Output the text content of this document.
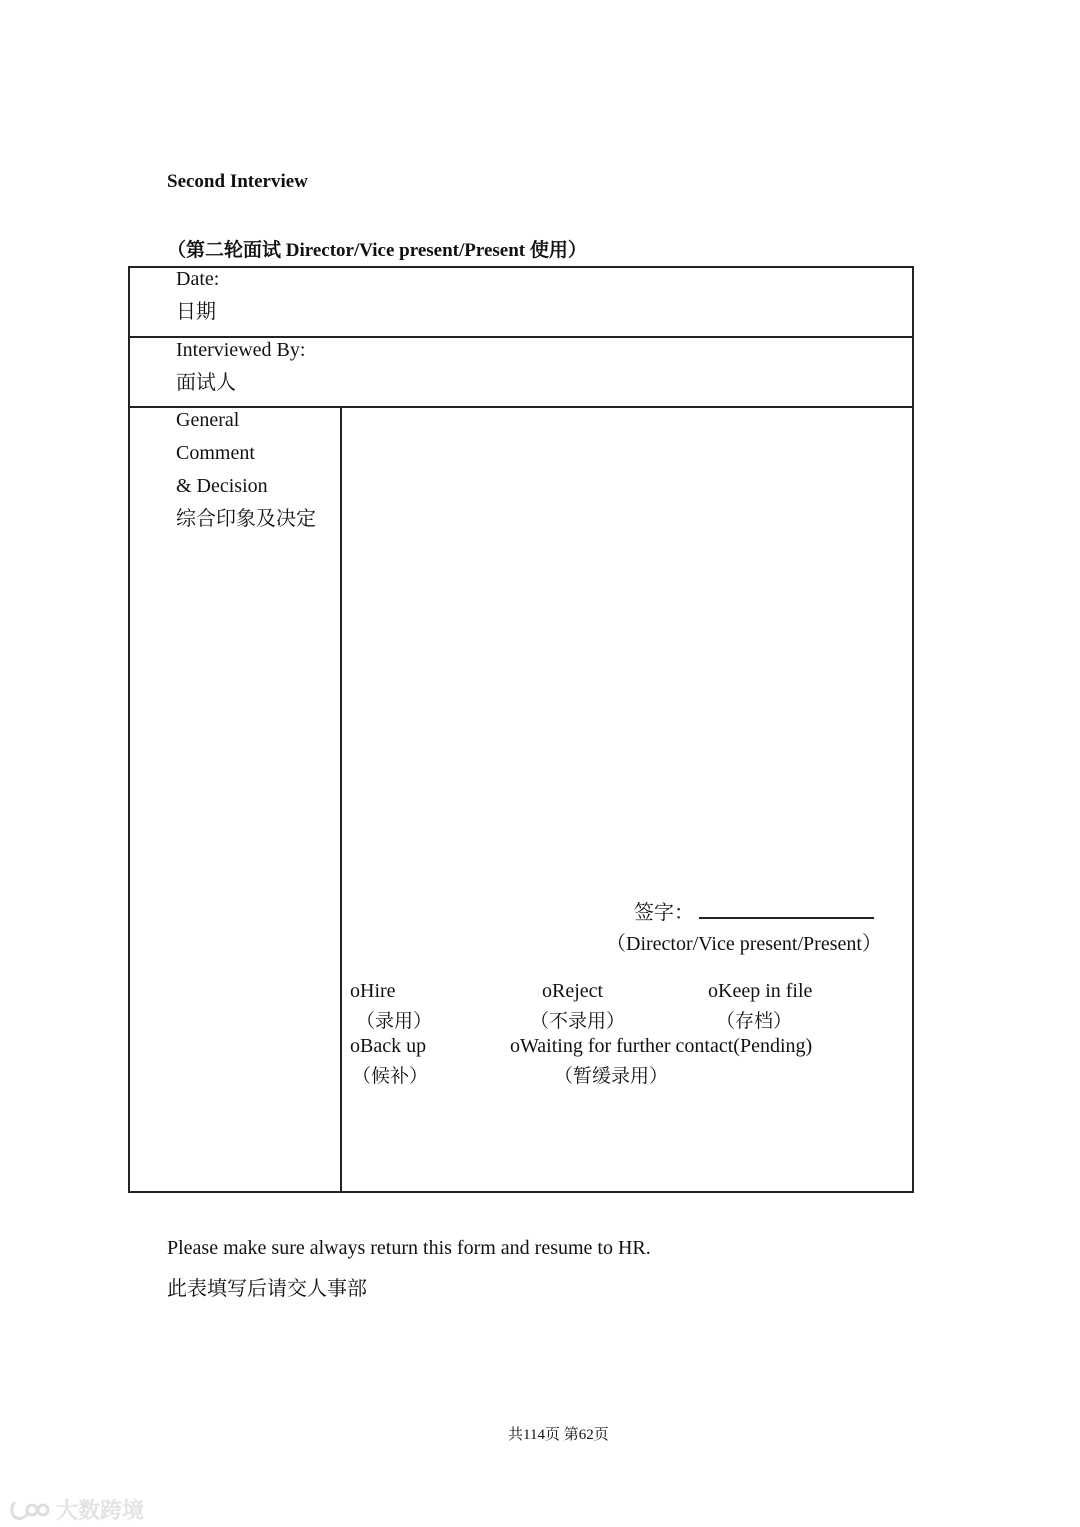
Second Interview
（第二轮面试 Director/Vice present/Present 使用）
Date:
日期
Interviewed By:
面试人
General
Comment
& Decision
综合印象及决定
签字：
（Director/Vice present/Present）
oHire
（录用）
oReject
（不录用）
oKeep in file
（存档）
oBack up
（候补）
oWaiting for further contact(Pending)
（暂缓录用）
Please make sure always return this form and resume to HR.
此表填写后请交人事部
共114页 第62页
大数跨境
